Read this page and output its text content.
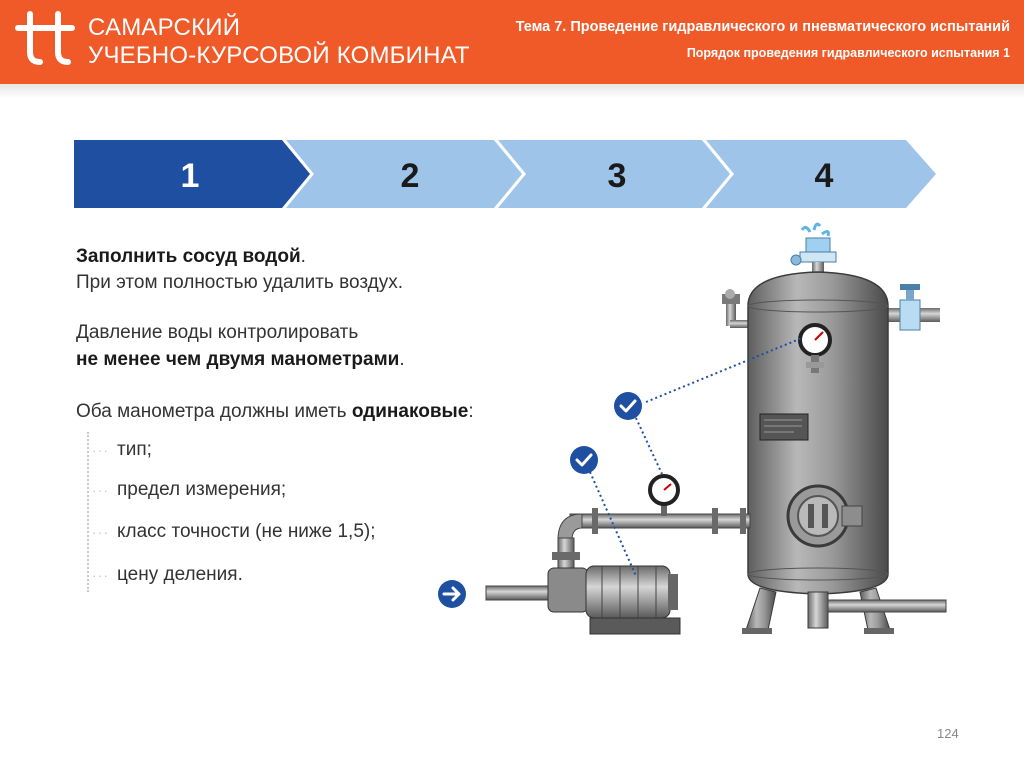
САМАРСКИЙ
УЧЕБНО-КУРСОВОЙ КОМБИНАТ
Тема 7. Проведение гидравлического и пневматического испытаний
Порядок проведения гидравлического испытания 1
1	2	3	4
Заполнить сосуд водой.
При этом полностью удалить воздух.
Давление воды контролировать
не менее чем двумя манометрами.
Оба манометра должны иметь одинаковые:
··· тип;
··· предел измерения;
··· класс точности (не ниже 1,5);
··· цену деления.
124
